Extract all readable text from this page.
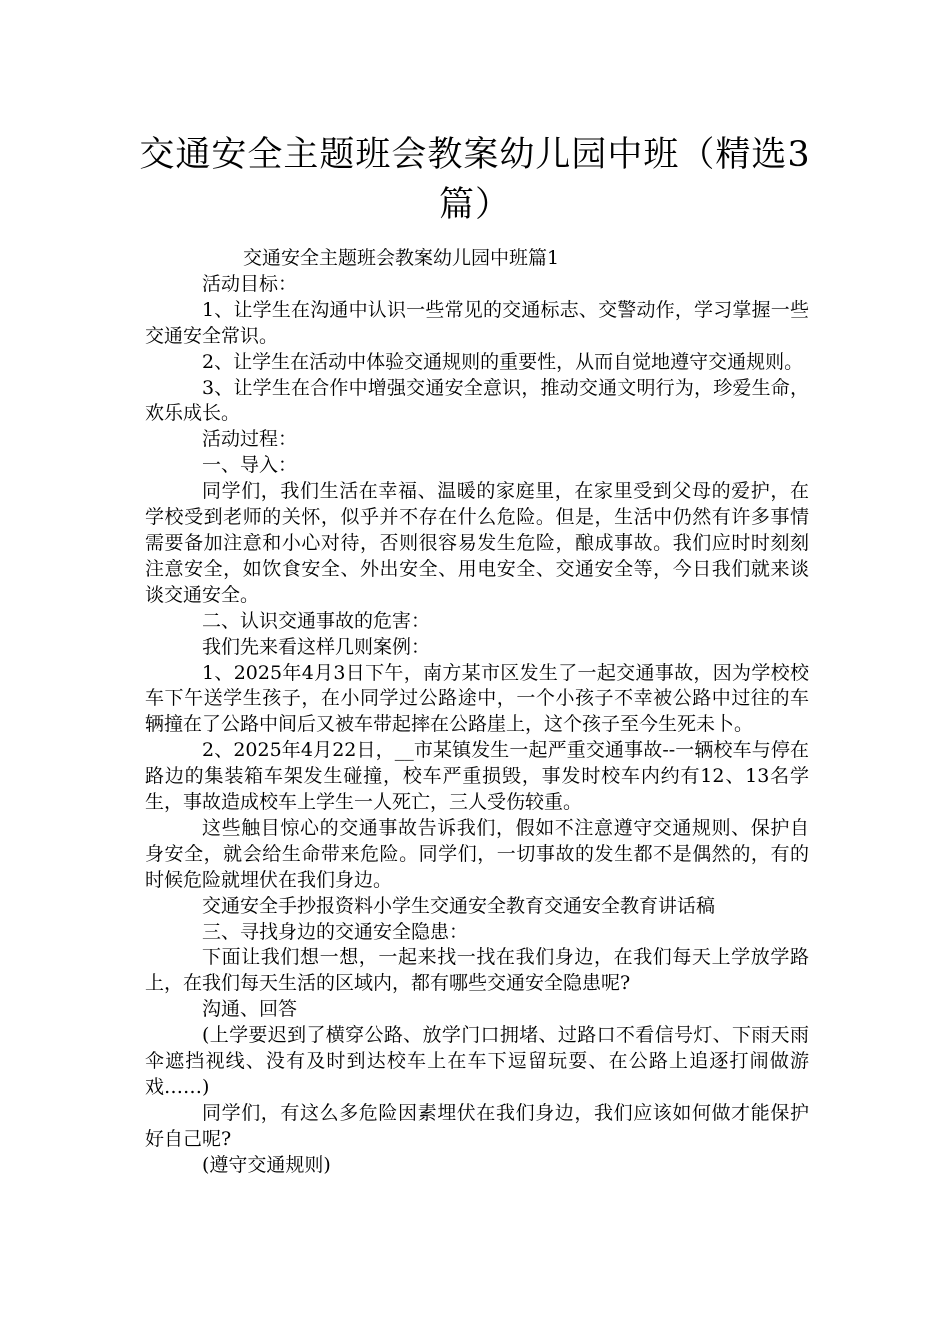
交通安全主题班会教案幼儿园中班（精选3篇）

交通安全主题班会教案幼儿园中班篇1

活动目标：

1、让学生在沟通中认识一些常见的交通标志、交警动作，学习掌握一些交通安全常识。

2、让学生在活动中体验交通规则的重要性，从而自觉地遵守交通规则。

3、让学生在合作中增强交通安全意识，推动交通文明行为，珍爱生命，欢乐成长。

活动过程：

一、导入：

同学们，我们生活在幸福、温暖的家庭里，在家里受到父母的爱护，在学校受到老师的关怀，似乎并不存在什么危险。但是，生活中仍然有许多事情需要备加注意和小心对待，否则很容易发生危险，酿成事故。我们应时时刻刻注意安全，如饮食安全、外出安全、用电安全、交通安全等，今日我们就来谈谈交通安全。

二、认识交通事故的危害：

我们先来看这样几则案例：

1、2025年4月3日下午，南方某市区发生了一起交通事故，因为学校校车下午送学生孩子，在小同学过公路途中，一个小孩子不幸被公路中过往的车辆撞在了公路中间后又被车带起摔在公路崖上，这个孩子至今生死未卜。

2、2025年4月22日，__市某镇发生一起严重交通事故--一辆校车与停在路边的集装箱车架发生碰撞，校车严重损毁，事发时校车内约有12、13名学生，事故造成校车上学生一人死亡，三人受伤较重。

这些触目惊心的交通事故告诉我们，假如不注意遵守交通规则、保护自身安全，就会给生命带来危险。同学们，一切事故的发生都不是偶然的，有的时候危险就埋伏在我们身边。

交通安全手抄报资料小学生交通安全教育交通安全教育讲话稿

三、寻找身边的交通安全隐患：

下面让我们想一想，一起来找一找在我们身边，在我们每天上学放学路上，在我们每天生活的区域内，都有哪些交通安全隐患呢?

沟通、回答

(上学要迟到了横穿公路、放学门口拥堵、过路口不看信号灯、下雨天雨伞遮挡视线、没有及时到达校车上在车下逗留玩耍、在公路上追逐打闹做游戏……)

同学们，有这么多危险因素埋伏在我们身边，我们应该如何做才能保护好自己呢?

(遵守交通规则)
